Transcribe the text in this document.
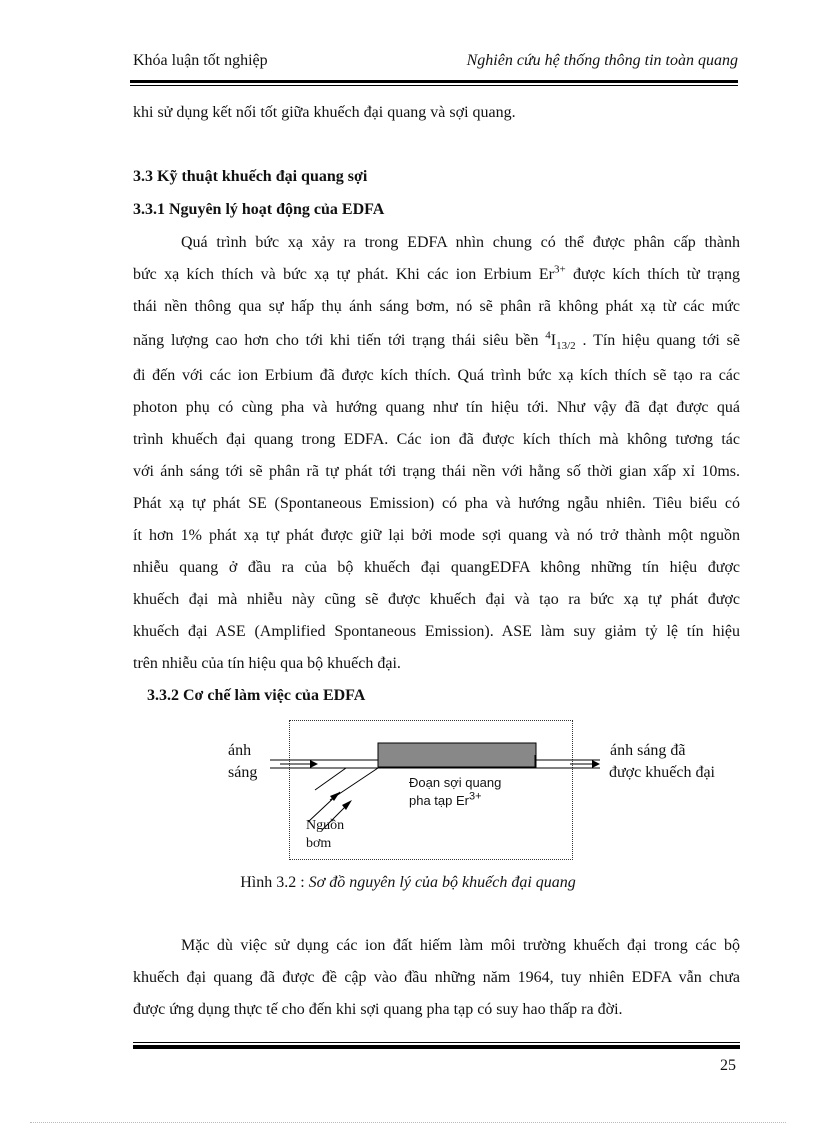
Khóa luận tốt nghiệp	Nghiên cứu hệ thống thông tin toàn quang
khi sử dụng kết nối tốt giữa khuếch đại quang và sợi quang.
3.3 Kỹ thuật khuếch đại quang sợi
3.3.1 Nguyên lý hoạt động của EDFA
Quá trình bức xạ xảy ra trong EDFA nhìn chung có thể được phân cấp thành
bức xạ kích thích và bức xạ tự phát. Khi các ion Erbium $Er^{3+}$ được kích thích từ trạng
thái nền thông qua sự hấp thụ ánh sáng bơm, nó sẽ phân rã không phát xạ từ các mức
năng lượng cao hơn cho tới khi tiến tới trạng thái siêu bền $^4I_{13/2}$ . Tín hiệu quang tới sẽ
đi đến với các ion Erbium đã được kích thích. Quá trình bức xạ kích thích sẽ tạo ra các
photon phụ có cùng pha và hướng quang như tín hiệu tới. Như vậy đã đạt được quá
trình khuếch đại quang trong EDFA. Các ion đã được kích thích mà không tương tác
với ánh sáng tới sẽ phân rã tự phát tới trạng thái nền với hằng số thời gian xấp xỉ 10ms.
Phát xạ tự phát SE (Spontaneous Emission) có pha và hướng ngẫu nhiên. Tiêu biểu có
ít hơn 1% phát xạ tự phát được giữ lại bởi mode sợi quang và nó trở thành một nguồn
nhiễu quang ở đầu ra của bộ khuếch đại quangEDFA không những tín hiệu được
khuếch đại mà nhiễu này cũng sẽ được khuếch đại và tạo ra bức xạ tự phát được
khuếch đại ASE (Amplified Spontaneous Emission). ASE làm suy giảm tỷ lệ tín hiệu
trên nhiễu của tín hiệu qua bộ khuếch đại.
3.3.2 Cơ chế làm việc của EDFA
ánh
sáng
ánh sáng đã
được khuếch đại
Đoạn sợi quang
pha tạp $Er^{3+}$
Nguồn
bơm
Hình 3.2 : Sơ đồ nguyên lý của bộ khuếch đại quang
Mặc dù việc sử dụng các ion đất hiếm làm môi trường khuếch đại trong các bộ
khuếch đại quang đã được đề cập vào đầu những năm 1964, tuy nhiên EDFA vẫn chưa
được ứng dụng thực tế cho đến khi sợi quang pha tạp có suy hao thấp ra đời.
25
